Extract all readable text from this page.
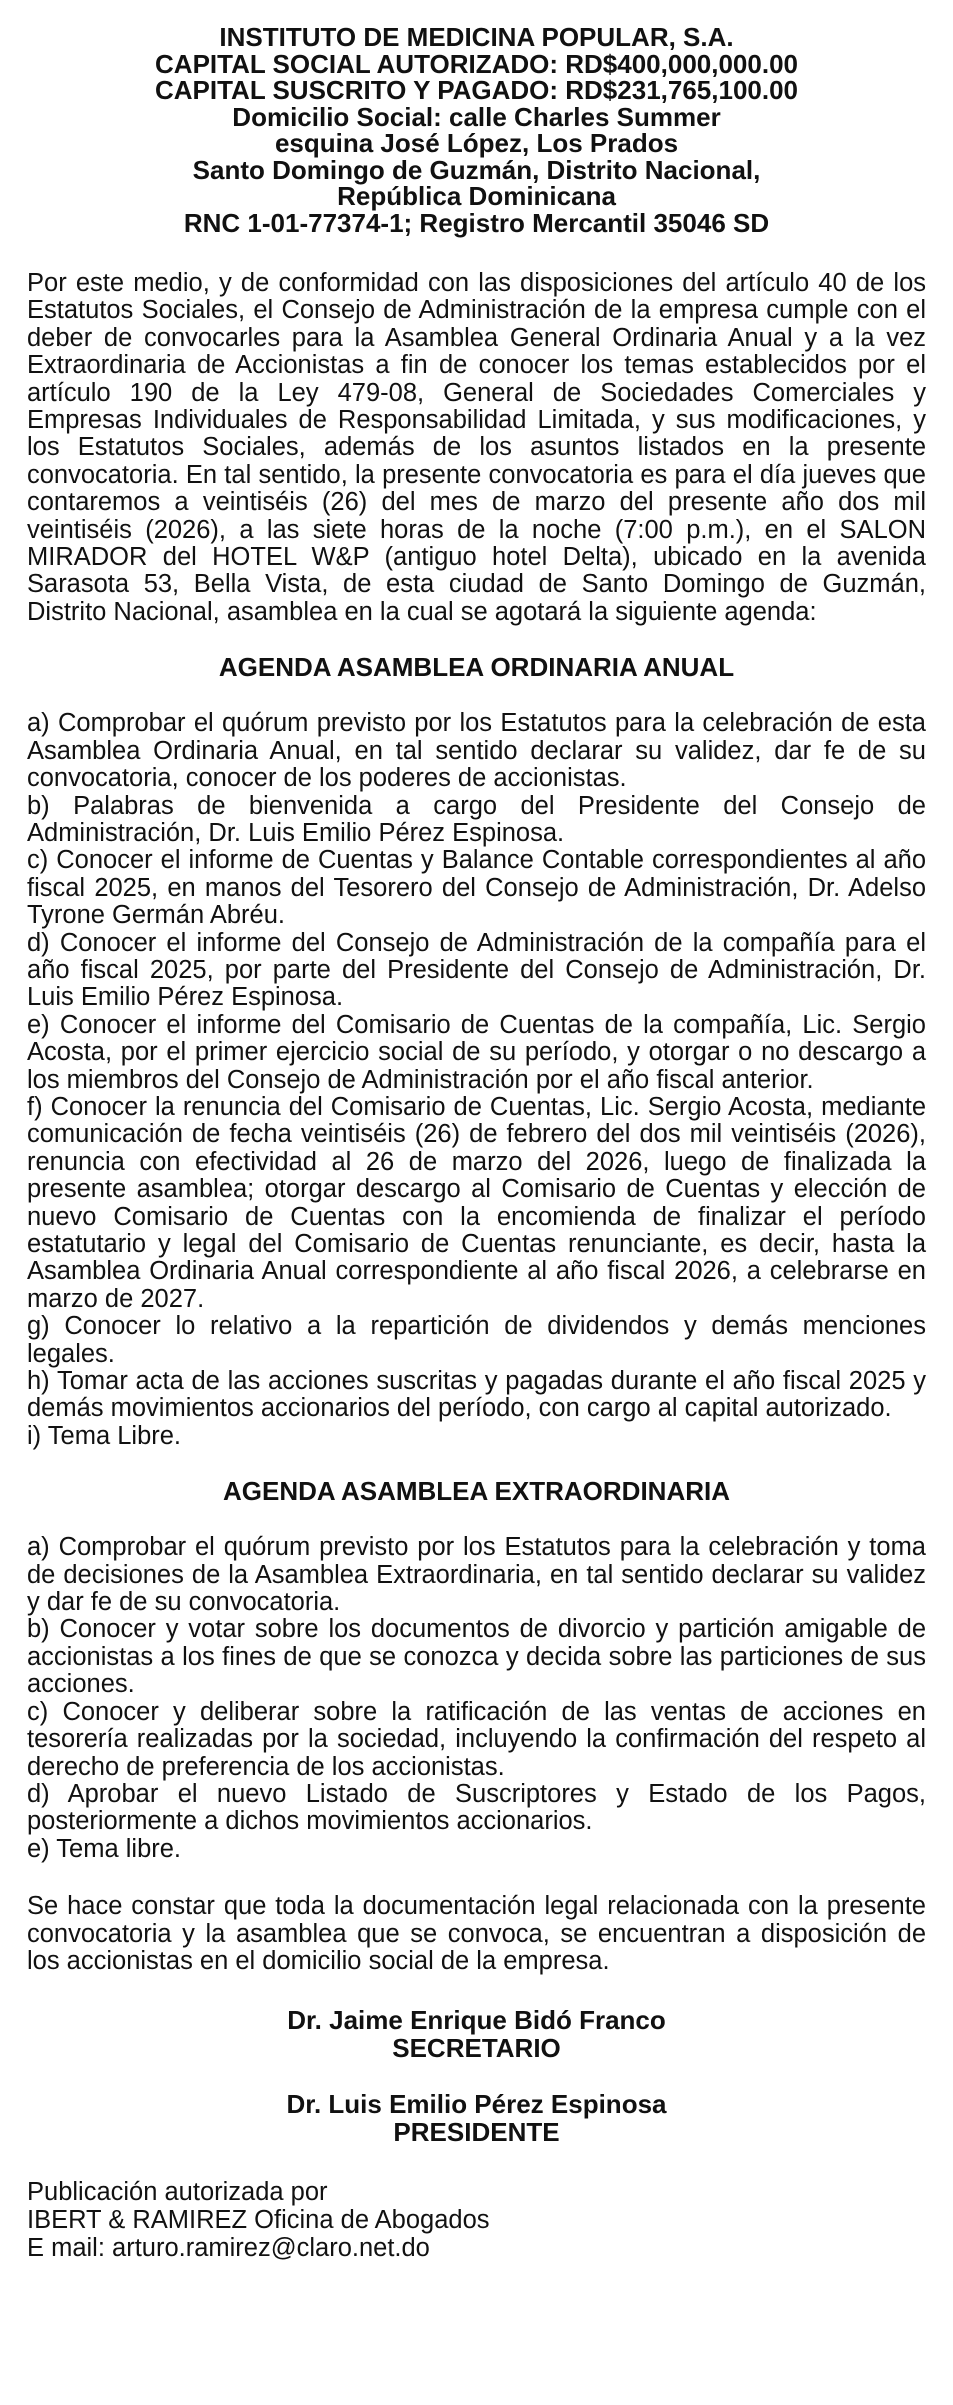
INSTITUTO DE MEDICINA POPULAR, S.A.
CAPITAL SOCIAL AUTORIZADO: RD$400,000,000.00
CAPITAL SUSCRITO Y PAGADO: RD$231,765,100.00
Domicilio Social: calle Charles Summer
esquina José López, Los Prados
Santo Domingo de Guzmán, Distrito Nacional,
República Dominicana
RNC 1-01-77374-1; Registro Mercantil 35046 SD
Por este medio, y de conformidad con las disposiciones del artículo 40 de los Estatutos Sociales, el Consejo de Administración de la empresa cumple con el deber de convocarles para la Asamblea General Ordinaria Anual y a la vez Extraordinaria de Accionistas a fin de conocer los temas establecidos por el artículo 190 de la Ley 479-08, General de Sociedades Comerciales y Empresas Individuales de Responsabilidad Limitada, y sus modificaciones, y los Estatutos Sociales, además de los asuntos listados en la presente convocatoria. En tal sentido, la presente convocatoria es para el día jueves que contaremos a veintiséis (26) del mes de marzo del presente año dos mil veintiséis (2026), a las siete horas de la noche (7:00 p.m.), en el SALON MIRADOR del HOTEL W&P (antiguo hotel Delta), ubicado en la avenida Sarasota 53, Bella Vista, de esta ciudad de Santo Domingo de Guzmán, Distrito Nacional, asamblea en la cual se agotará la siguiente agenda:
AGENDA ASAMBLEA ORDINARIA ANUAL
a) Comprobar el quórum previsto por los Estatutos para la celebración de esta Asamblea Ordinaria Anual, en tal sentido declarar su validez, dar fe de su convocatoria, conocer de los poderes de accionistas.
b) Palabras de bienvenida a cargo del Presidente del Consejo de Administración, Dr. Luis Emilio Pérez Espinosa.
c) Conocer el informe de Cuentas y Balance Contable correspondientes al año fiscal 2025, en manos del Tesorero del Consejo de Administración, Dr. Adelso Tyrone Germán Abréu.
d) Conocer el informe del Consejo de Administración de la compañía para el año fiscal 2025, por parte del Presidente del Consejo de Administración, Dr. Luis Emilio Pérez Espinosa.
e) Conocer el informe del Comisario de Cuentas de la compañía, Lic. Sergio Acosta, por el primer ejercicio social de su período, y otorgar o no descargo a los miembros del Consejo de Administración por el año fiscal anterior.
f) Conocer la renuncia del Comisario de Cuentas, Lic. Sergio Acosta, mediante comunicación de fecha veintiséis (26) de febrero del dos mil veintiséis (2026), renuncia con efectividad al 26 de marzo del 2026, luego de finalizada la presente asamblea; otorgar descargo al Comisario de Cuentas y elección de nuevo Comisario de Cuentas con la encomienda de finalizar el período estatutario y legal del Comisario de Cuentas renunciante, es decir, hasta la Asamblea Ordinaria Anual correspondiente al año fiscal 2026, a celebrarse en marzo de 2027.
g) Conocer lo relativo a la repartición de dividendos y demás menciones legales.
h) Tomar acta de las acciones suscritas y pagadas durante el año fiscal 2025 y demás movimientos accionarios del período, con cargo al capital autorizado.
i) Tema Libre.
AGENDA ASAMBLEA EXTRAORDINARIA
a) Comprobar el quórum previsto por los Estatutos para la celebración y toma de decisiones de la Asamblea Extraordinaria, en tal sentido declarar su validez y dar fe de su convocatoria.
b) Conocer y votar sobre los documentos de divorcio y partición amigable de accionistas a los fines de que se conozca y decida sobre las particiones de sus acciones.
c) Conocer y deliberar sobre la ratificación de las ventas de acciones en tesorería realizadas por la sociedad, incluyendo la confirmación del respeto al derecho de preferencia de los accionistas.
d) Aprobar el nuevo Listado de Suscriptores y Estado de los Pagos, posteriormente a dichos movimientos accionarios.
e) Tema libre.
Se hace constar que toda la documentación legal relacionada con la presente convocatoria y la asamblea que se convoca, se encuentran a disposición de los accionistas en el domicilio social de la empresa.
Dr. Jaime Enrique Bidó Franco
SECRETARIO
Dr. Luis Emilio Pérez Espinosa
PRESIDENTE
Publicación autorizada por
IBERT & RAMIREZ Oficina de Abogados
E mail: arturo.ramirez@claro.net.do
